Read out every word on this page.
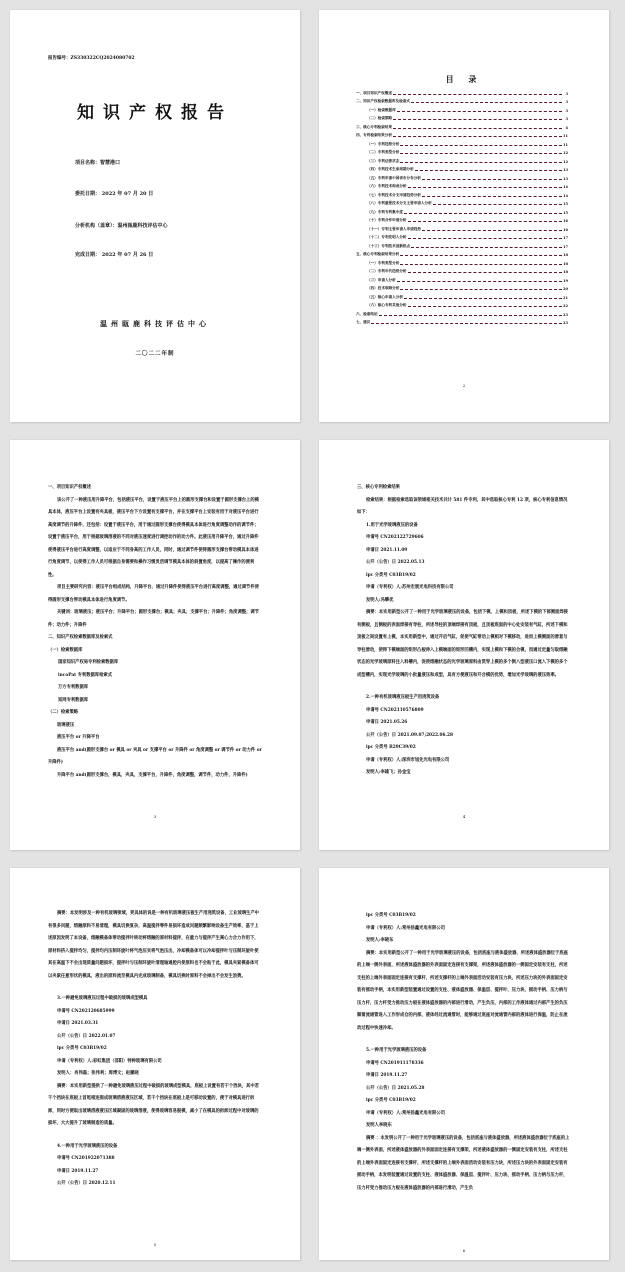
报告编号：ZS330322CQ2024080702
知识产权报告
项目名称：智慧港口
委托日期： 2022 年 07 月 20 日
分析机构（盖章）：温州瓯鹿科技评估中心
完成日期： 2022 年 07 月 26 日
温州瓯鹿科技评估中心
二〇二二年制
目 录
一、项目知识产权概述	3
二、知识产权检索数据库及检索式	3
（一）检索数据库	3
（二）检索策略	3
三、核心专利检索结果	4
四、专利检索结果分析	11
（一）专利趋势分析	11
（二）专利类型分析	12
（三）专利法律状态	12
（四）专利技术生命周期分析	13
（五）专利申请中国省市分布分析	13
（六）专利技术构成分析	14
（七）专利技术分支申请趋势分析	14
（八）专利重要技术分支主要申请人分析	15
（九）专利专利集中度	15
（十）专利合作申请分析	16
（十一）专利主要申请人申请趋势	16
（十二）专利发明人分析	17
（十三）专利技术创新热点	17
五、核心专利检索结果分析	18
（一）专利类型分析	18
（二）专利年代趋势分析	18
（三）申请人分析	19
（四）技术领域分析	20
（五）核心申请人分析	21
（六）核心专利其他分析	22
六、检索结论	23
七、建议	23
2

一、项目知识产权概述

该公开了一种液压用升降平台，包括液压平台，设置于液压平台上的圆形支撑台和设置于圆形支撑台上的模具本体，液压平台上设置有夹具板，液压平台下方设置有支撑平台，并在支撑平台上安装有用于对液压平台进行高度调节的升降件，还包括：设置于液压平台，用于通过圆形支撑台使得模具本体进行角度调整动作的调节件；设置于液压平台，用于根据玻璃溶液的不同对液压速度进行调控动作的动力件。此液压用升降平台，通过升降件使得液压平台进行高度调整，以适应于不同身高的工作人员，同时，通过调节件使得圆形支撑台带动模具本体进行角度调节，以使得工作人员可根据自身需要和操作习惯灵活调节模具本体的斜置角度，以提高了操作的便利性。

项目主要研究内容：液压平台组成结构，升降平台，通过升降件使得液压平台进行高度调整，通过调节件使得圆形支撑台带动模具本体进行角度调节。

关键词：玻璃液压；液压平台；升降平台；圆形支撑台；模具；夹具；支撑平台；升降件；角度调整；调节件；动力件；升降件

二、知识产权检索数据库及检索式

（一）检索数据库

国家知识产权局专利检索数据库

incoPat 专利数据库检索式

万方专利数据库

知网专利数据库

（二）检索策略

玻璃液压

液压平台 or 升降平台

液压平台 and(圆形支撑台 or 模具 or 夹具 or 支撑平台 or 升降件 or 角度调整 or 调节件 or 动力件 or 升降件)

升降平台 and(圆形支撑台，模具，夹具，支撑平台，升降件，角度调整，调节件，动力件，升降件)

3

三、核心专利检索结果

检索结果：根据检索选取该领域相关技术共计 581 件专利，其中选取核心专利 12 项，核心专利信息情况如下：

1.用于光学玻璃液压的设备

申请号 CN202122729606

申请日 2021.11.09

公开（公告）日 2022.05.13

ipc 分类号 C03B19/02

申请（专利权）人:苏州宏展光电科技有限公司

发明人:冯攀优

摘要：本实用新型公开了一种用于光学玻璃液压的设备，包括下模、上模和顶板，所述下模的下部侧面焊接有侧板，且侧板的表面焊接有导柱，所述导柱的顶端焊接有顶板，且顶板底面的中心处安装有气缸，所述下模和顶板之间设置有上模，本实用新型中，通过开启气缸，促使气缸带动上模相对下模移动，进而上模侧面的滑套与导柱滑动，使得下模端面的矩形凸板伸入上模端面的矩形凹槽内，实现上模和下模的合模，而通过定量匀取熔融状态的光学玻璃原料注入料槽内，促使熔融状态的光学玻璃原料由贯穿上模的多个倒八型液压口流入下模的多个成型槽内，实现光学玻璃的小批量液压和成型，具有方便液压和开合模的优势，增加光学玻璃的液压效率。

2.一种有机玻璃液压板生产用浇筑设备

申请号 CN202110576809

申请日 2021.05.26

公开（公告）日 2021.09.07;2022.06.28

ipc 分类号 B29C39/02

申请（专利权）人:深圳市旭先光电有限公司

发明人:李雄飞；孙金宝

4

摘要：本发明涉及一种有机玻璃领域，更具体的说是一种有机玻璃液压板生产用浇筑设备，工业玻璃生产中有很多问题，熔融原料不易清理，模具切换复杂，高温搅拌零件易损坏造成问题频繁影响设备生产效率，基于上述原因发明了本设备，熔融模备体带动搅拌叶转动将熔融的原材料搅拌，在重力与搅拌产生离心力合力作用下，原材料挤入搅拌均匀，搅拌均内压制环旋叶将气泡压实将气泡压出，冷却模备体可以冷却搅拌叶与压制环旋叶使其在高温下不会出现质量问题损坏，搅拌叶与压制环旋叶清理轴通腔内使原料也不会粘于此，模具夹紧模备体可以夹紧任意形状的模具，液出的原料流至模具内完成玻璃制备，模具切换时原料不会掉出不会发生浪费。

3.一种避免玻璃液压过程中破损的玻璃成型模具

申请号 CN202120685999

申请日 2021.03.31

公开（公告）日 2022.01.07

ipc 分类号 C03B19/02

申请（专利权）人:彩虹集团（邵阳）特种玻璃有限公司

发明人：肖伟磊；张伟利；周博文；赵履晓

摘要：本实用新型提供了一种避免玻璃液压过程中破损的玻璃成型模具，底板上设置有若干个挡块，其中若干个挡块在底板上首尾相连围成玻璃溶液液压区域，若干个挡块在底板上是可移动设置的，便于对模具进行拆卸，同时方便取出玻璃溶液液压区域凝固的玻璃溶液，使得玻璃容易脱模，减小了在模具的拆卸过程中对玻璃的损坏，大大提升了玻璃制造的质量。

4.一种用于光学玻璃液压的设备

申请号 CN201922071388

申请日 2019.11.27

公开（公告）日 2020.12.11

5

ipc 分类号 C03B19/02

申请（专利权）人:常州扬鑫光电有限公司

发明人:李晓东

摘要：本实用新型公开了一种用于光学玻璃液压的设备，包括底座与液体盛放器，所述液体盛放器位于底座的上端一侧外表面，所述液体盛放器的外表面固定连接有支撑架，所述液体盛放器的一侧固定安装有支柱，所述支柱的上端外表面固定连接有支撑杆，所述支撑杆的上端外表面活动安装有压力块，所述压力块的外表面固定安装有摇动手柄，本实用新型装置通过设置的支柱、液体盛放器、保温层、搅拌叶、压力块、摇动手柄、压力柄与压力杆，压力杆受力推动压力板在液体盛放器的内部进行滑动，产生负压，内部的工作液体通过内部产生的负压顺着流通管进入工作形成仓的内部，液体经过流通管时，能够通过底座对流通管内部的液体进行保温，防止在流动过程中快速冷却。

5.一种用于光学玻璃液压的设备

申请号 CN201911178336

申请日 2019.11.27

公开（公告）日 2021.05.28

ipc 分类号 C03B19/02

申请（专利权）人:常州扬鑫光电有限公司

发明人李晓东

摘要 ：本发明公开了一种用于光学玻璃液压的设备，包括底座与液体盛放器，所述液体盛放器位于底座的上端一侧外表面，所述液体盛放器的外表面固定连接有支撑架，所述液体盛放器的一侧固定安装有支柱，所述支柱的上端外表面固定连接有支撑杆，所述支撑杆的上端外表面活动安装有压力块，所述压力块的外表面固定安装有摇动手柄，本发明装置通过设置的支柱、液体盛放器、保温层、搅拌叶、压力块、摇动手柄、压力柄与压力杆，压力杆受力推动压力板在液体盛放器的内部进行滑动，产生负

6
